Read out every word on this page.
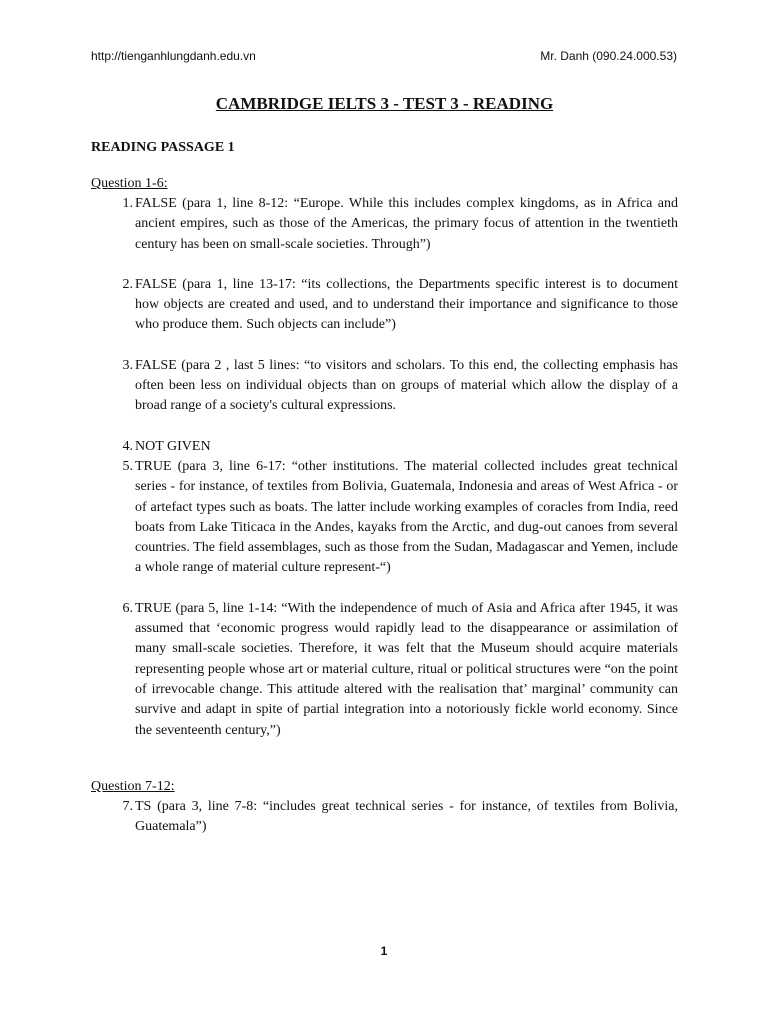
http://tienganhlungdanh.edu.vn	Mr. Danh (090.24.000.53)
CAMBRIDGE IELTS 3 - TEST 3 - READING
READING PASSAGE 1
Question 1-6:
1. FALSE (para 1, line 8-12: “Europe. While this includes complex kingdoms, as in Africa and ancient empires, such as those of the Americas, the primary focus of attention in the twentieth century has been on small-scale societies. Through”)
2. FALSE (para 1, line 13-17: “its collections, the Departments specific interest is to document how objects are created and used, and to understand their importance and significance to those who produce them. Such objects can include”)
3. FALSE (para 2 , last 5 lines: “to visitors and scholars. To this end, the collecting emphasis has often been less on individual objects than on groups of material which allow the display of a broad range of a society's cultural expressions.
4. NOT GIVEN
5. TRUE (para 3, line 6-17: “other institutions. The material collected includes great technical series - for instance, of textiles from Bolivia, Guatemala, Indonesia and areas of West Africa - or of artefact types such as boats. The latter include working examples of coracles from India, reed boats from Lake Titicaca in the Andes, kayaks from the Arctic, and dug-out canoes from several countries. The field assemblages, such as those from the Sudan, Madagascar and Yemen, include a whole range of material culture represent-“)
6. TRUE (para 5, line 1-14: “With the independence of much of Asia and Africa after 1945, it was assumed that ‘economic progress would rapidly lead to the disappearance or assimilation of many small-scale societies. Therefore, it was felt that the Museum should acquire materials representing people whose art or material culture, ritual or political structures were “on the point of irrevocable change. This attitude altered with the realisation that’ marginal’ community can survive and adapt in spite of partial integration into a notoriously fickle world economy. Since the seventeenth century,”)
Question 7-12:
7. TS (para 3, line 7-8: “includes great technical series - for instance, of textiles from Bolivia, Guatemala”)
1
